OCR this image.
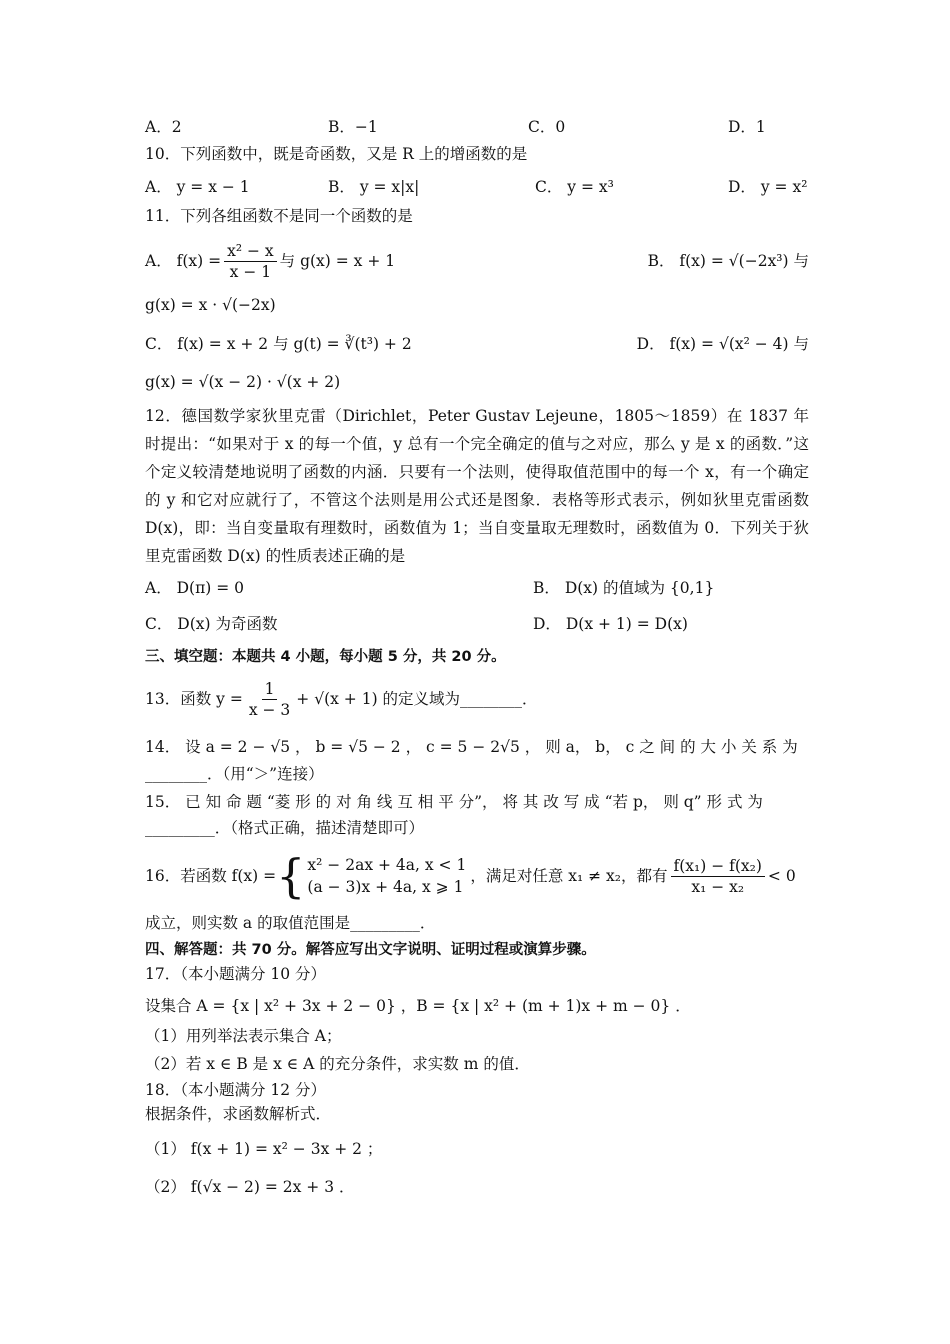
A．2	B．−1	C．0	D．1
10．下列函数中，既是奇函数，又是 R 上的增函数的是
A． y = x − 1	B． y = x|x|	C． y = x³	D． y = x²
11．下列各组函数不是同一个函数的是
A． $f(x) = \frac{\text{x² − x}}{x - 1}$ 与 g(x) = x + 1	B． f(x) = √(−2x³) 与
g(x) = x · √(−2x)
C． f(x) = x + 2 与 g(t) = ∛(t³) + 2	D． f(x) = √(x² − 4) 与
g(x) = √(x − 2) · √(x + 2)
12．德国数学家狄里克雷（Dirichlet，Peter Gustav Lejeune，1805～1859）在 1837 年时提出：“如果对于 x 的每一个值，y 总有一个完全确定的值与之对应，那么 y 是 x 的函数．”这个定义较清楚地说明了函数的内涵．只要有一个法则，使得取值范围中的每一个 x，有一个确定的 y 和它对应就行了，不管这个法则是用公式还是图象．表格等形式表示，例如狄里克雷函数 D(x)，即：当自变量取有理数时，函数值为 1；当自变量取无理数时，函数值为 0．下列关于狄里克雷函数 D(x) 的性质表述正确的是
A． D(π) = 0	B． D(x) 的值域为 {0,1}
C． D(x) 为奇函数	D． D(x + 1) = D(x)
三、填空题：本题共 4 小题，每小题 5 分，共 20 分。
13．函数 $y = \frac{1}{x - 3} + √(x + 1)$ 的定义域为________．
14． 设 a = 2 − √5 ， b = √5 − 2 ， c = 5 − 2√5 ， 则 a， b， c 之 间 的 大 小 关 系 为
________．（用“＞”连接）
15． 已 知 命 题 “菱 形 的 对 角 线 互 相 平 分”， 将 其 改 写 成 “若 p， 则 q” 形 式 为
_________．（格式正确，描述清楚即可）
16．若函数 f(x) = { x² − 2ax + 4a, x < 1
(a − 3)x + 4a, x ⩾ 1
，满足对任意 x₁ ≠ x₂，都有 $\frac{\text{f(x₁) − f(x₂)}}{\text{x₁ − x₂}} < 0$
成立，则实数 a 的取值范围是_________．
四、解答题：共 70 分。解答应写出文字说明、证明过程或演算步骤。
17．（本小题满分 10 分）
设集合 A = {x | x² + 3x + 2 − 0} ，B = {x | x² + (m + 1)x + m − 0} ．
（1）用列举法表示集合 A；
（2）若 x ∈ B 是 x ∈ A 的充分条件，求实数 m 的值．
18．（本小题满分 12 分）
根据条件，求函数解析式．
（1） f(x + 1) = x² − 3x + 2 ；
（2） f(√x − 2) = 2x + 3 ．
